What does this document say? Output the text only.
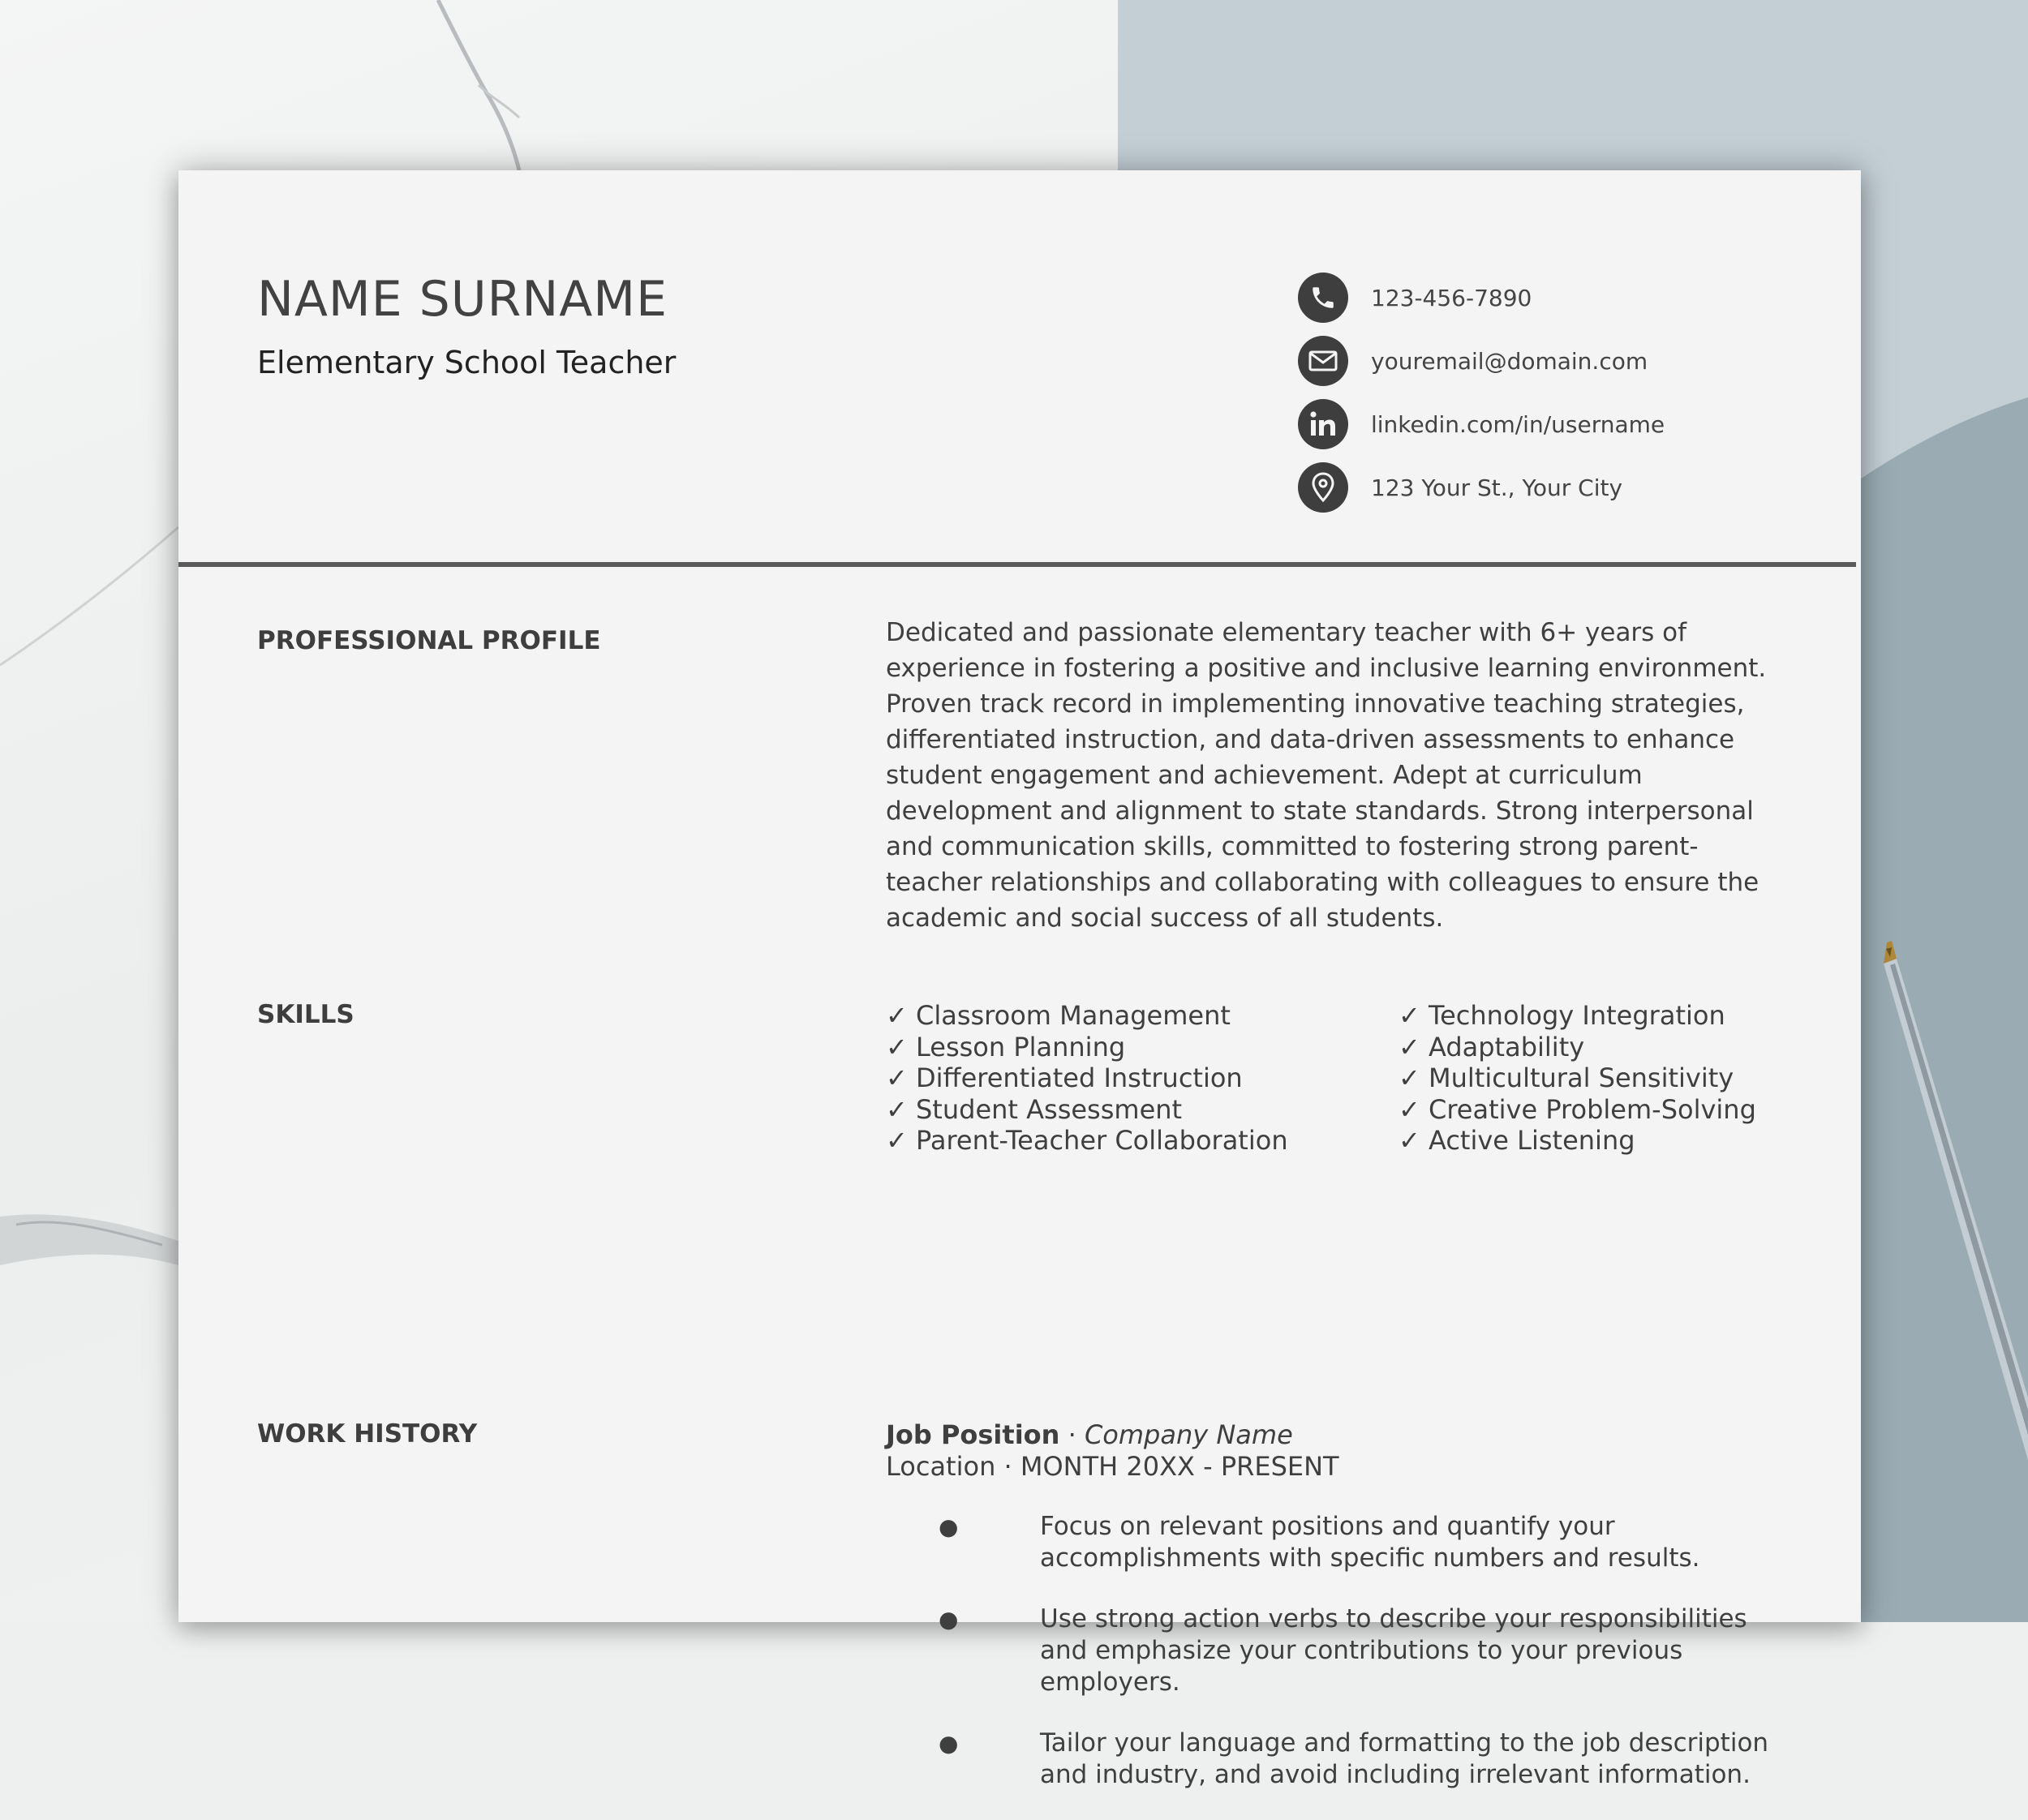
NAME SURNAME
Elementary School Teacher
123-456-7890
youremail@domain.com
linkedin.com/in/username
123 Your St., Your City
PROFESSIONAL PROFILE	Dedicated and passionate elementary teacher with 6+ years of experience in fostering a positive and inclusive learning environment. Proven track record in implementing innovative teaching strategies, differentiated instruction, and data-driven assessments to enhance student engagement and achievement. Adept at curriculum development and alignment to state standards. Strong interpersonal and communication skills, committed to fostering strong parent-teacher relationships and collaborating with colleagues to ensure the academic and social success of all students.

SKILLS	✓ Classroom Management
✓ Lesson Planning
✓ Differentiated Instruction
✓ Student Assessment
✓ Parent-Teacher Collaboration
✓ Technology Integration
✓ Adaptability
✓ Multicultural Sensitivity
✓ Creative Problem-Solving
✓ Active Listening
WORK HISTORY	Job Position · Company Name
Location · MONTH 20XX - PRESENT
●	Focus on relevant positions and quantify your accomplishments with specific numbers and results.
●	Use strong action verbs to describe your responsibilities and emphasize your contributions to your previous employers.
●	Tailor your language and formatting to the job description and industry, and avoid including irrelevant information.
